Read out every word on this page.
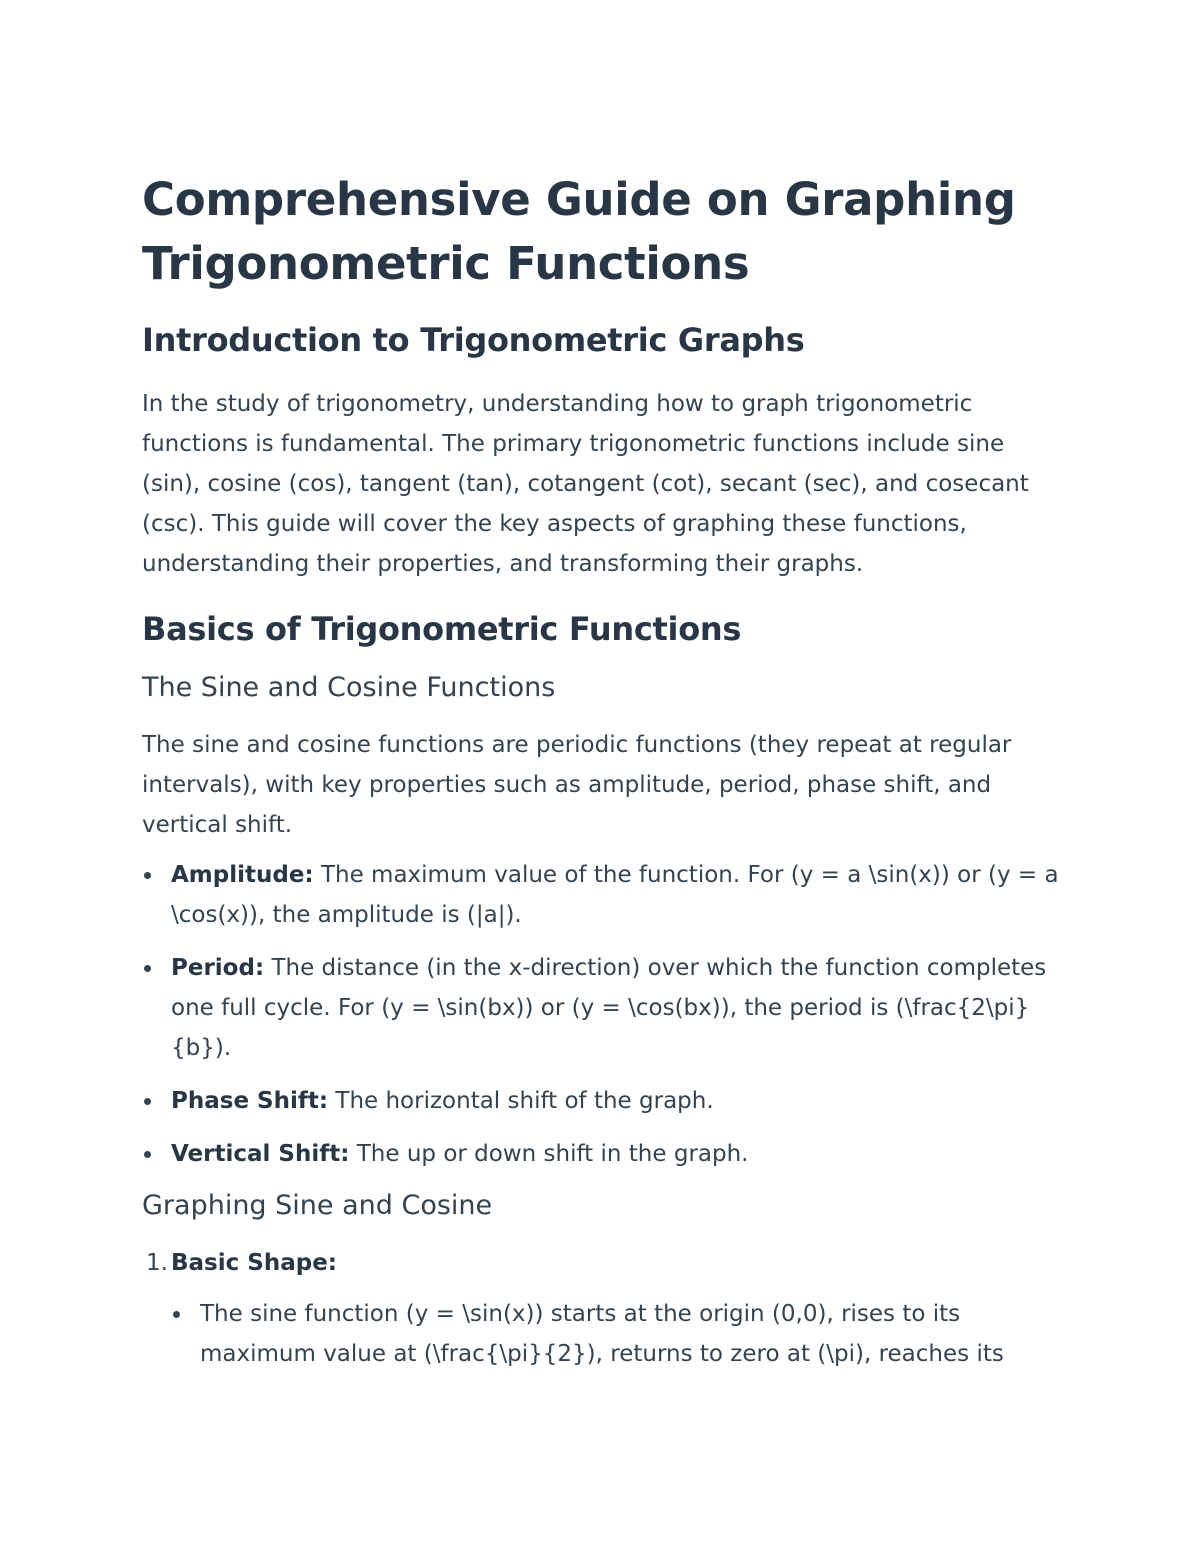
Comprehensive Guide on Graphing Trigonometric Functions
Introduction to Trigonometric Graphs

In the study of trigonometry, understanding how to graph trigonometric functions is fundamental. The primary trigonometric functions include sine (sin), cosine (cos), tangent (tan), cotangent (cot), secant (sec), and cosecant (csc). This guide will cover the key aspects of graphing these functions, understanding their properties, and transforming their graphs.

Basics of Trigonometric Functions
The Sine and Cosine Functions

The sine and cosine functions are periodic functions (they repeat at regular intervals), with key properties such as amplitude, period, phase shift, and vertical shift.

Amplitude: The maximum value of the function. For (y = a \sin(x)) or (y = a \cos(x)), the amplitude is (|a|).
Period: The distance (in the x-direction) over which the function completes one full cycle. For (y = \sin(bx)) or (y = \cos(bx)), the period is (\frac{2\pi}{b}).
Phase Shift: The horizontal shift of the graph.
Vertical Shift: The up or down shift in the graph.
Graphing Sine and Cosine
1. Basic Shape:
The sine function (y = \sin(x)) starts at the origin (0,0), rises to its maximum value at (\frac{\pi}{2}), returns to zero at (\pi), reaches its
